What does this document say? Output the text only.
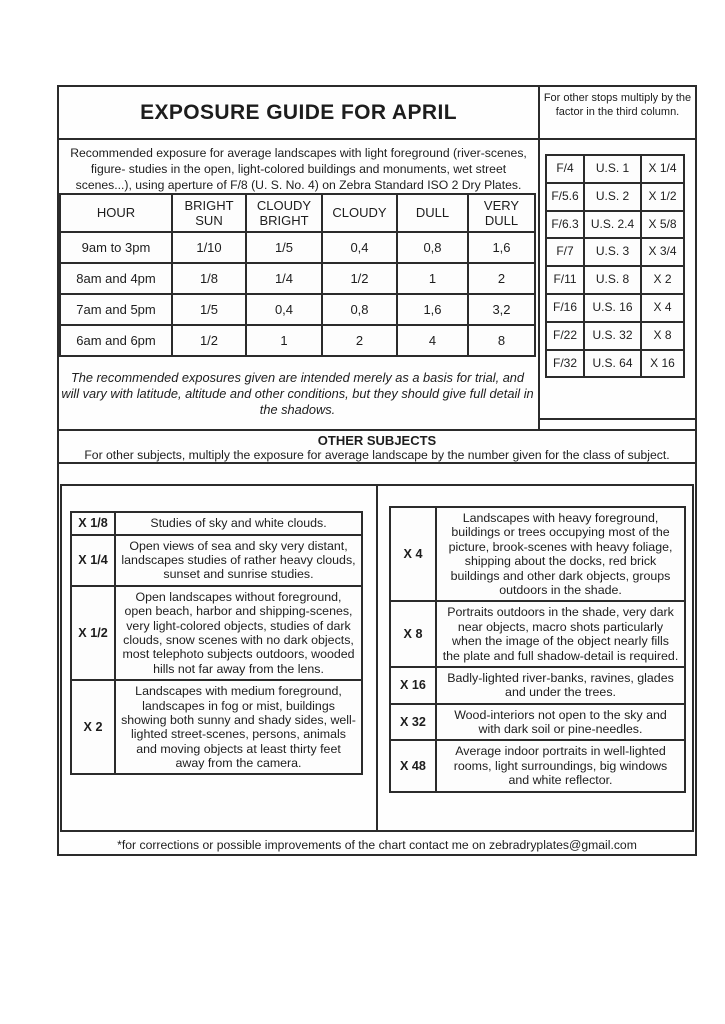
EXPOSURE GUIDE FOR APRIL
Recommended exposure for average landscapes with light foreground (river-scenes, figure- studies in the open, light-colored buildings and monuments, wet street scenes...), using aperture of F/8 (U. S. No. 4) on Zebra Standard ISO 2 Dry Plates.
HOUR	BRIGHT SUN	CLOUDY BRIGHT	CLOUDY	DULL	VERY DULL
9am to 3pm	1/10	1/5	0,4	0,8	1,6
8am and 4pm	1/8	1/4	1/2	1	2
7am and 5pm	1/5	0,4	0,8	1,6	3,2
6am and 6pm	1/2	1	2	4	8
The recommended exposures given are intended merely as a basis for trial, and will vary with latitude, altitude and other conditions, but they should give full detail in the shadows.
For other stops multiply by the factor in the third column.
F/4	U.S. 1	X 1/4
F/5.6	U.S. 2	X 1/2
F/6.3	U.S. 2.4	X 5/8
F/7	U.S. 3	X 3/4
F/11	U.S. 8	X 2
F/16	U.S. 16	X 4
F/22	U.S. 32	X 8
F/32	U.S. 64	X 16
OTHER SUBJECTS
For other subjects, multiply the exposure for average landscape by the number given for the class of subject.
X 1/8	Studies of sky and white clouds.
X 1/4	Open views of sea and sky very distant, landscapes studies of rather heavy clouds, sunset and sunrise studies.
X 1/2	Open landscapes without foreground, open beach, harbor and shipping-scenes, very light-colored objects, studies of dark clouds, snow scenes with no dark objects, most telephoto subjects outdoors, wooded hills not far away from the lens.
X 2	Landscapes with medium foreground, landscapes in fog or mist, buildings showing both sunny and shady sides, well-lighted street-scenes, persons, animals and moving objects at least thirty feet away from the camera.
X 4	Landscapes with heavy foreground, buildings or trees occupying most of the picture, brook-scenes with heavy foliage, shipping about the docks, red brick buildings and other dark objects, groups outdoors in the shade.
X 8	Portraits outdoors in the shade, very dark near objects, macro shots particularly when the image of the object nearly fills the plate and full shadow-detail is required.
X 16	Badly-lighted river-banks, ravines, glades and under the trees.
X 32	Wood-interiors not open to the sky and with dark soil or pine-needles.
X 48	Average indoor portraits in well-lighted rooms, light surroundings, big windows and white reflector.
*for corrections or possible improvements of the chart contact me on zebradryplates@gmail.com
